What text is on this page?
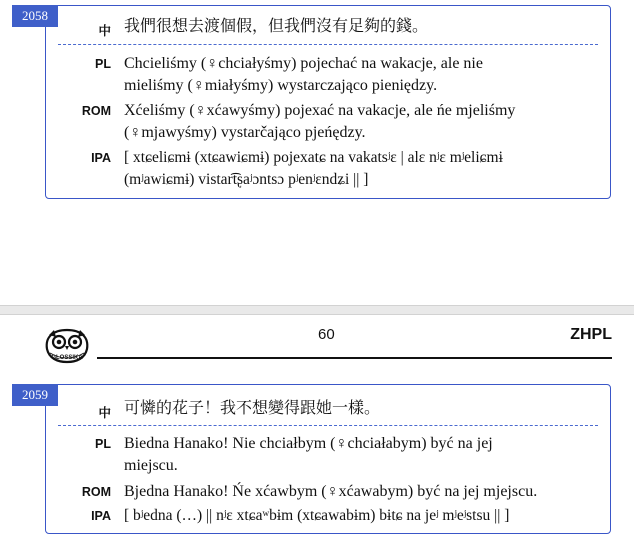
中 我們很想去渡個假，但我們沒有足夠的錢。
PL Chcieliśmy (♀chciałyśmy) pojechać na wakacje, ale nie
mieliśmy (♀miałyśmy) wystarczająco pieniędzy.
ROM Xćeliśmy (♀xćawyśmy) pojexać na vakacje, ale ńe mjeliśmy
(♀mjawyśmy) vystarčająco pjeńędzy.
IPA [ xtɕeliɕmɨ (xtɕawiɕmɨ) pojexatɕ na vakatsʲɛ | alɛ nʲɛ mʲeliɕmɨ
(mʲawiɕmɨ) vistar͡tʂaʲɔntsɔ pʲenʲɛndʑi || ]
2058
GLOSSIKA
60	ZHPL
中 可憐的花子！我不想變得跟她一樣。
PL Biedna Hanako! Nie chciałbym (♀chciałabym) być na jej
miejscu.
ROM Bjedna Hanako! Ńe xćawbym (♀xćawabym) być na jej mjejscu.
IPA [ bʲedna (…) || nʲɛ xtɕaʷbɨm (xtɕawabɨm) bɨtɕ na jeʲ mʲeʲstsu || ]
2059
